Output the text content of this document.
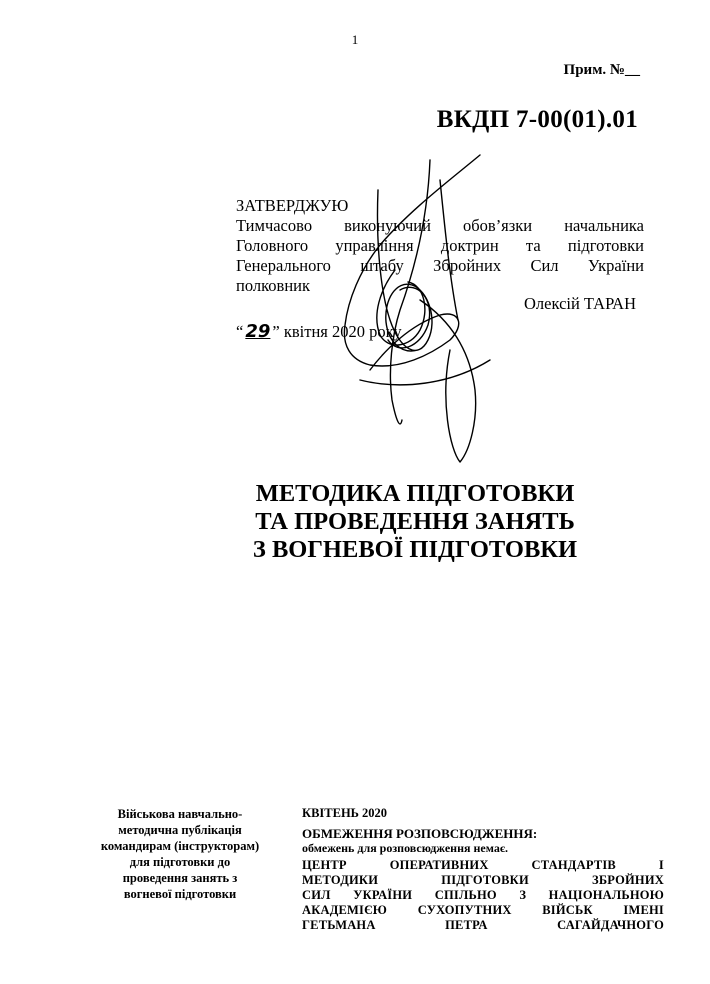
1
Прим. №__
ВКДП 7-00(01).01
ЗАТВЕРДЖУЮ
Тимчасово виконуючий обов’язки начальника
Головного управління доктрин та підготовки
Генерального штабу Збройних Сил України
полковник
Олексій ТАРАН
“ 29 ” квітня 2020 року
МЕТОДИКА ПІДГОТОВКИ
ТА ПРОВЕДЕННЯ ЗАНЯТЬ
З ВОГНЕВОЇ ПІДГОТОВКИ
Військова навчально-
методична публікація
командирам (інструкторам)
для підготовки до
проведення занять з
вогневої підготовки
КВІТЕНЬ 2020
ОБМЕЖЕННЯ РОЗПОВСЮДЖЕННЯ:
обмежень для розповсюдження немає.
ЦЕНТР ОПЕРАТИВНИХ СТАНДАРТІВ І
МЕТОДИКИ ПІДГОТОВКИ ЗБРОЙНИХ
СИЛ УКРАЇНИ СПІЛЬНО З НАЦІОНАЛЬНОЮ
АКАДЕМІЄЮ СУХОПУТНИХ ВІЙСЬК ІМЕНІ
ГЕТЬМАНА ПЕТРА САГАЙДАЧНОГО
